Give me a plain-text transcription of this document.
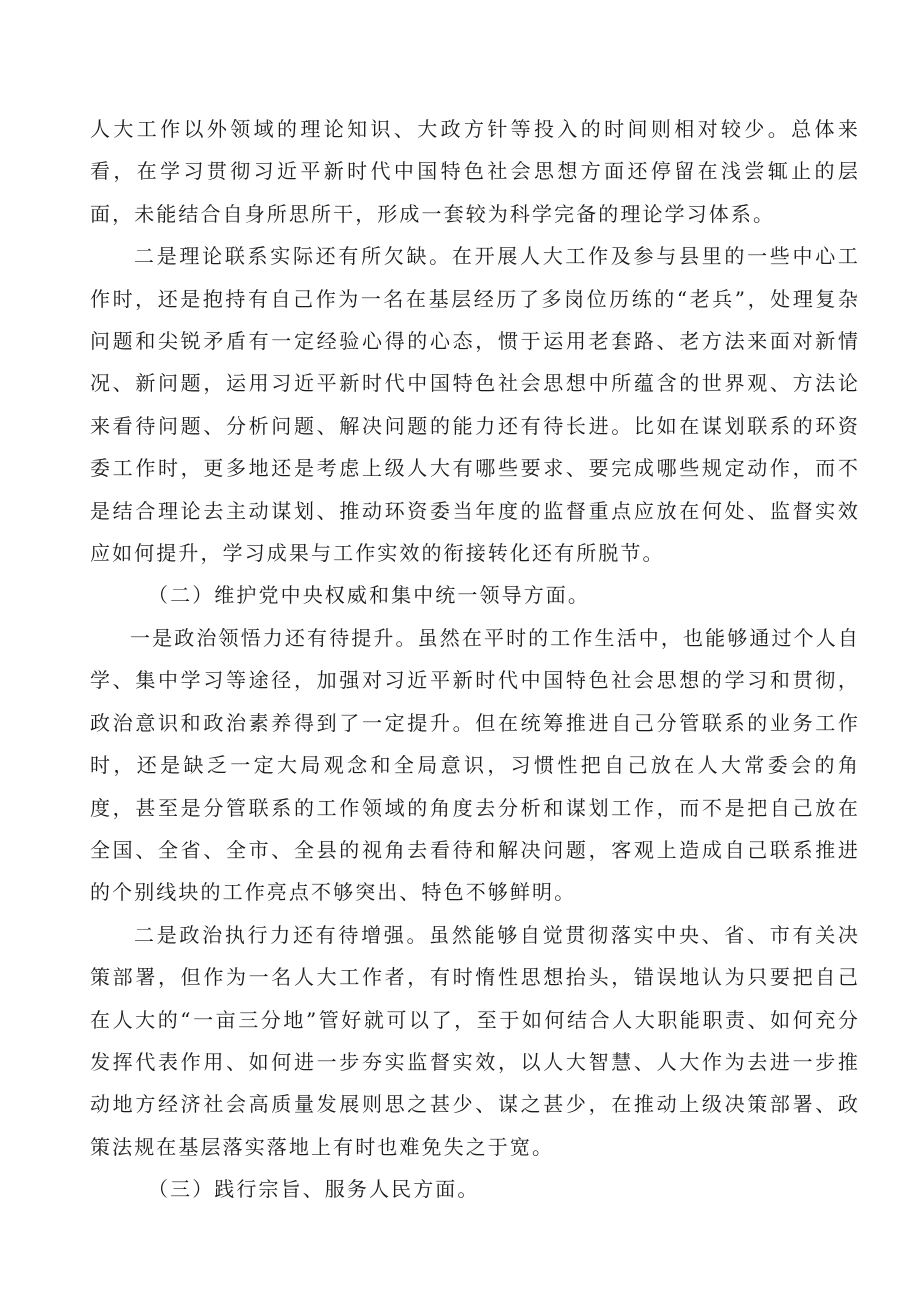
人大工作以外领域的理论知识、大政方针等投入的时间则相对较少。总体来看，在学习贯彻习近平新时代中国特色社会思想方面还停留在浅尝辄止的层面，未能结合自身所思所干，形成一套较为科学完备的理论学习体系。

二是理论联系实际还有所欠缺。在开展人大工作及参与县里的一些中心工作时，还是抱持有自己作为一名在基层经历了多岗位历练的“老兵”，处理复杂问题和尖锐矛盾有一定经验心得的心态，惯于运用老套路、老方法来面对新情况、新问题，运用习近平新时代中国特色社会思想中所蕴含的世界观、方法论来看待问题、分析问题、解决问题的能力还有待长进。比如在谋划联系的环资委工作时，更多地还是考虑上级人大有哪些要求、要完成哪些规定动作，而不是结合理论去主动谋划、推动环资委当年度的监督重点应放在何处、监督实效应如何提升，学习成果与工作实效的衔接转化还有所脱节。

（二）维护党中央权威和集中统一领导方面。

一是政治领悟力还有待提升。虽然在平时的工作生活中，也能够通过个人自学、集中学习等途径，加强对习近平新时代中国特色社会思想的学习和贯彻，政治意识和政治素养得到了一定提升。但在统筹推进自己分管联系的业务工作时，还是缺乏一定大局观念和全局意识，习惯性把自己放在人大常委会的角度，甚至是分管联系的工作领域的角度去分析和谋划工作，而不是把自己放在全国、全省、全市、全县的视角去看待和解决问题，客观上造成自己联系推进的个别线块的工作亮点不够突出、特色不够鲜明。

二是政治执行力还有待增强。虽然能够自觉贯彻落实中央、省、市有关决策部署，但作为一名人大工作者，有时惰性思想抬头，错误地认为只要把自己在人大的“一亩三分地”管好就可以了，至于如何结合人大职能职责、如何充分发挥代表作用、如何进一步夯实监督实效，以人大智慧、人大作为去进一步推动地方经济社会高质量发展则思之甚少、谋之甚少，在推动上级决策部署、政策法规在基层落实落地上有时也难免失之于宽。

（三）践行宗旨、服务人民方面。
